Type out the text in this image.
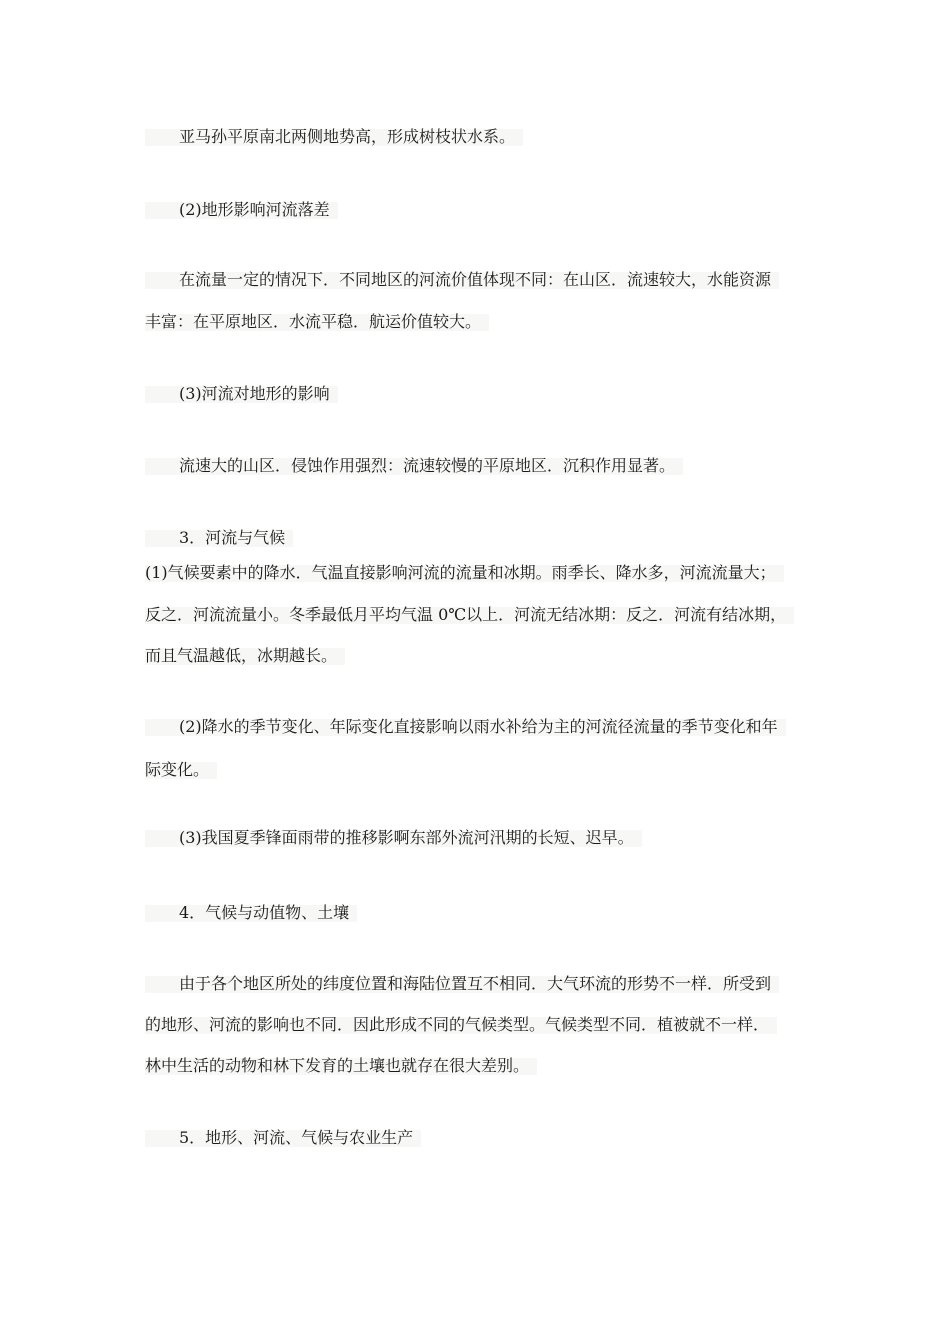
亚马孙平原南北两侧地势高，形成树枝状水系。
(2)地形影响河流落差
在流量一定的情况下．不同地区的河流价值体现不同：在山区．流速较大，水能资源
丰富：在平原地区．水流平稳．航运价值较大。
(3)河流对地形的影响
流速大的山区．侵蚀作用强烈：流速较慢的平原地区．沉积作用显著。
3．河流与气候
(1)气候要素中的降水．气温直接影响河流的流量和冰期。雨季长、降水多，河流流量大；
反之．河流流量小。冬季最低月平均气温 0℃以上．河流无结冰期：反之．河流有结冰期，
而且气温越低，冰期越长。
(2)降水的季节变化、年际变化直接影响以雨水补给为主的河流径流量的季节变化和年
际变化。
(3)我国夏季锋面雨带的推移影啊东部外流河汛期的长短、迟早。
4．气候与动值物、土壤
由于各个地区所处的纬度位置和海陆位置互不相同．大气环流的形势不一样．所受到
的地形、河流的影响也不同．因此形成不同的气候类型。气候类型不同．植被就不一样．
林中生活的动物和林下发育的土壤也就存在很大差别。
5．地形、河流、气候与农业生产
